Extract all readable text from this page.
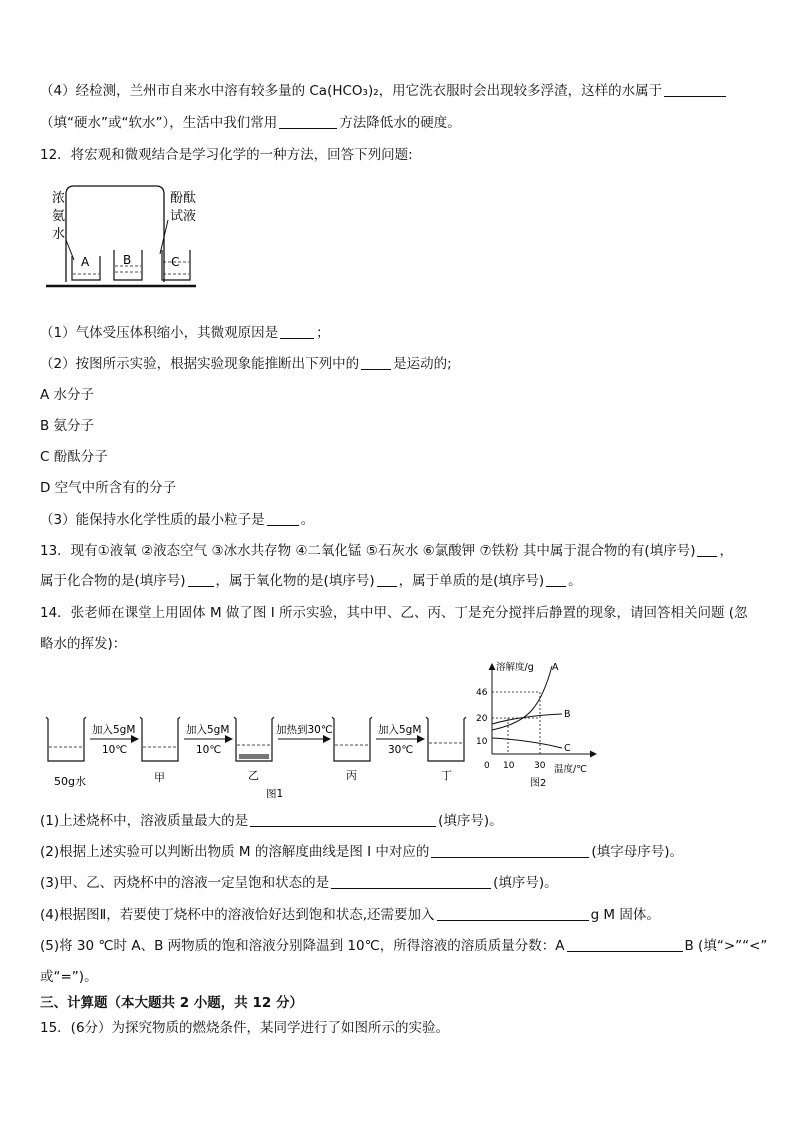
（4）经检测，兰州市自来水中溶有较多量的 Ca(HCO₃)₂，用它洗衣服时会出现较多浮渣，这样的水属于
（填“硬水”或“软水”），生活中我们常用	方法降低水的硬度。
12．将宏观和微观结合是学习化学的一种方法，回答下列问题:
浓
氨
水
酚酞
试液
A	B	C
（1）气体受压体积缩小，其微观原因是	；
（2）按图所示实验，根据实验现象能推断出下列中的	是运动的;
A 水分子
B 氨分子
C 酚酞分子
D 空气中所含有的分子
（3）能保持水化学性质的最小粒子是	。
13．现有①液氧 ②液态空气 ③冰水共存物 ④二氧化锰 ⑤石灰水 ⑥氯酸钾 ⑦铁粉 其中属于混合物的有(填序号) ，
属于化合物的是(填序号) ，属于氧化物的是(填序号) ，属于单质的是(填序号) 。
14．张老师在课堂上用固体 M 做了图 I 所示实验，其中甲、乙、丙、丁是充分搅拌后静置的现象，请回答相关问题 (忽
略水的挥发)：
50g水
加入5gM
10℃
甲
加入5gM
10℃
乙
加热到30℃
丙
加入5gM
30℃
丁
图1
溶解度/g
温度/℃
46
20
10
0 10 30
A
B
C
图2
(1)上述烧杯中，溶液质量最大的是	(填序号)。
(2)根据上述实验可以判断出物质 M 的溶解度曲线是图 I 中对应的	(填字母序号)。
(3)甲、乙、丙烧杯中的溶液一定呈饱和状态的是	(填序号)。
(4)根据图Ⅱ，若要使丁烧杯中的溶液恰好达到饱和状态,还需要加入	g M 固体。
(5)将 30 ℃时 A、B 两物质的饱和溶液分别降温到 10℃，所得溶液的溶质质量分数：A	B (填“>”“<”
或“=”)。
三、计算题（本大题共 2 小题，共 12 分）
15．(6分）为探究物质的燃烧条件，某同学进行了如图所示的实验。
